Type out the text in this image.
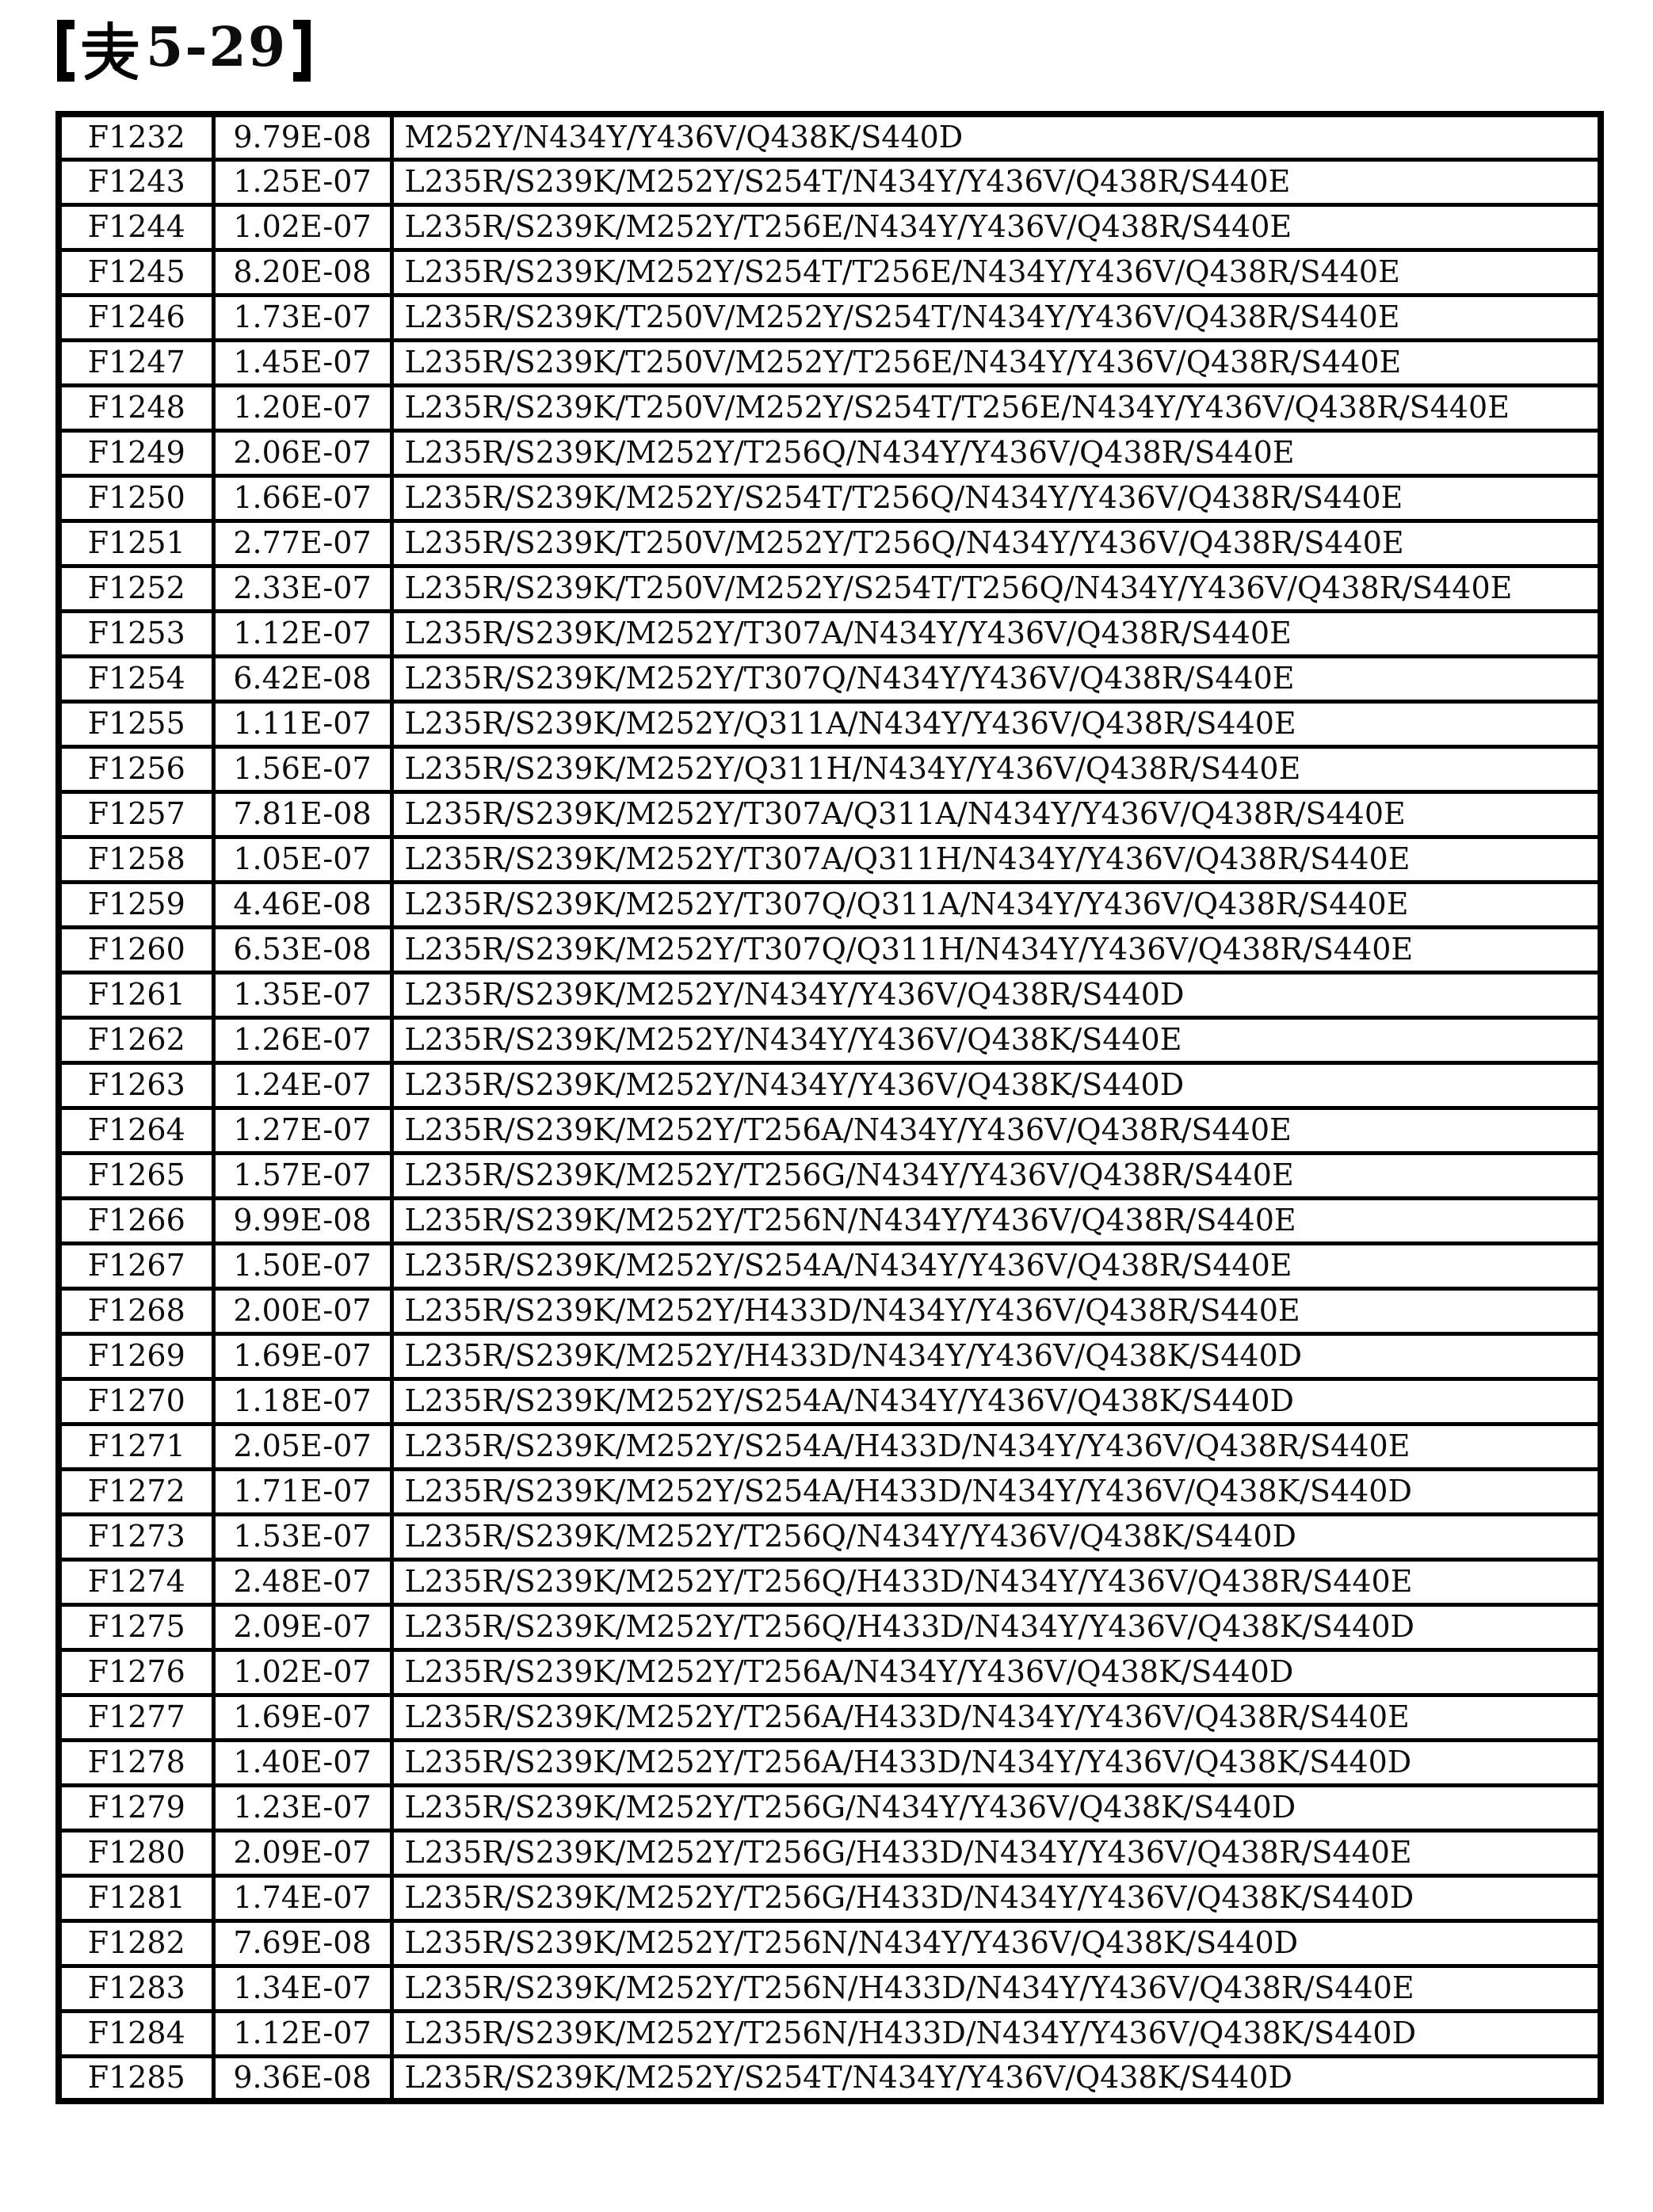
5-29
F1232	9.79E-08	M252Y/N434Y/Y436V/Q438K/S440D
F1243	1.25E-07	L235R/S239K/M252Y/S254T/N434Y/Y436V/Q438R/S440E
F1244	1.02E-07	L235R/S239K/M252Y/T256E/N434Y/Y436V/Q438R/S440E
F1245	8.20E-08	L235R/S239K/M252Y/S254T/T256E/N434Y/Y436V/Q438R/S440E
F1246	1.73E-07	L235R/S239K/T250V/M252Y/S254T/N434Y/Y436V/Q438R/S440E
F1247	1.45E-07	L235R/S239K/T250V/M252Y/T256E/N434Y/Y436V/Q438R/S440E
F1248	1.20E-07	L235R/S239K/T250V/M252Y/S254T/T256E/N434Y/Y436V/Q438R/S440E
F1249	2.06E-07	L235R/S239K/M252Y/T256Q/N434Y/Y436V/Q438R/S440E
F1250	1.66E-07	L235R/S239K/M252Y/S254T/T256Q/N434Y/Y436V/Q438R/S440E
F1251	2.77E-07	L235R/S239K/T250V/M252Y/T256Q/N434Y/Y436V/Q438R/S440E
F1252	2.33E-07	L235R/S239K/T250V/M252Y/S254T/T256Q/N434Y/Y436V/Q438R/S440E
F1253	1.12E-07	L235R/S239K/M252Y/T307A/N434Y/Y436V/Q438R/S440E
F1254	6.42E-08	L235R/S239K/M252Y/T307Q/N434Y/Y436V/Q438R/S440E
F1255	1.11E-07	L235R/S239K/M252Y/Q311A/N434Y/Y436V/Q438R/S440E
F1256	1.56E-07	L235R/S239K/M252Y/Q311H/N434Y/Y436V/Q438R/S440E
F1257	7.81E-08	L235R/S239K/M252Y/T307A/Q311A/N434Y/Y436V/Q438R/S440E
F1258	1.05E-07	L235R/S239K/M252Y/T307A/Q311H/N434Y/Y436V/Q438R/S440E
F1259	4.46E-08	L235R/S239K/M252Y/T307Q/Q311A/N434Y/Y436V/Q438R/S440E
F1260	6.53E-08	L235R/S239K/M252Y/T307Q/Q311H/N434Y/Y436V/Q438R/S440E
F1261	1.35E-07	L235R/S239K/M252Y/N434Y/Y436V/Q438R/S440D
F1262	1.26E-07	L235R/S239K/M252Y/N434Y/Y436V/Q438K/S440E
F1263	1.24E-07	L235R/S239K/M252Y/N434Y/Y436V/Q438K/S440D
F1264	1.27E-07	L235R/S239K/M252Y/T256A/N434Y/Y436V/Q438R/S440E
F1265	1.57E-07	L235R/S239K/M252Y/T256G/N434Y/Y436V/Q438R/S440E
F1266	9.99E-08	L235R/S239K/M252Y/T256N/N434Y/Y436V/Q438R/S440E
F1267	1.50E-07	L235R/S239K/M252Y/S254A/N434Y/Y436V/Q438R/S440E
F1268	2.00E-07	L235R/S239K/M252Y/H433D/N434Y/Y436V/Q438R/S440E
F1269	1.69E-07	L235R/S239K/M252Y/H433D/N434Y/Y436V/Q438K/S440D
F1270	1.18E-07	L235R/S239K/M252Y/S254A/N434Y/Y436V/Q438K/S440D
F1271	2.05E-07	L235R/S239K/M252Y/S254A/H433D/N434Y/Y436V/Q438R/S440E
F1272	1.71E-07	L235R/S239K/M252Y/S254A/H433D/N434Y/Y436V/Q438K/S440D
F1273	1.53E-07	L235R/S239K/M252Y/T256Q/N434Y/Y436V/Q438K/S440D
F1274	2.48E-07	L235R/S239K/M252Y/T256Q/H433D/N434Y/Y436V/Q438R/S440E
F1275	2.09E-07	L235R/S239K/M252Y/T256Q/H433D/N434Y/Y436V/Q438K/S440D
F1276	1.02E-07	L235R/S239K/M252Y/T256A/N434Y/Y436V/Q438K/S440D
F1277	1.69E-07	L235R/S239K/M252Y/T256A/H433D/N434Y/Y436V/Q438R/S440E
F1278	1.40E-07	L235R/S239K/M252Y/T256A/H433D/N434Y/Y436V/Q438K/S440D
F1279	1.23E-07	L235R/S239K/M252Y/T256G/N434Y/Y436V/Q438K/S440D
F1280	2.09E-07	L235R/S239K/M252Y/T256G/H433D/N434Y/Y436V/Q438R/S440E
F1281	1.74E-07	L235R/S239K/M252Y/T256G/H433D/N434Y/Y436V/Q438K/S440D
F1282	7.69E-08	L235R/S239K/M252Y/T256N/N434Y/Y436V/Q438K/S440D
F1283	1.34E-07	L235R/S239K/M252Y/T256N/H433D/N434Y/Y436V/Q438R/S440E
F1284	1.12E-07	L235R/S239K/M252Y/T256N/H433D/N434Y/Y436V/Q438K/S440D
F1285	9.36E-08	L235R/S239K/M252Y/S254T/N434Y/Y436V/Q438K/S440D
